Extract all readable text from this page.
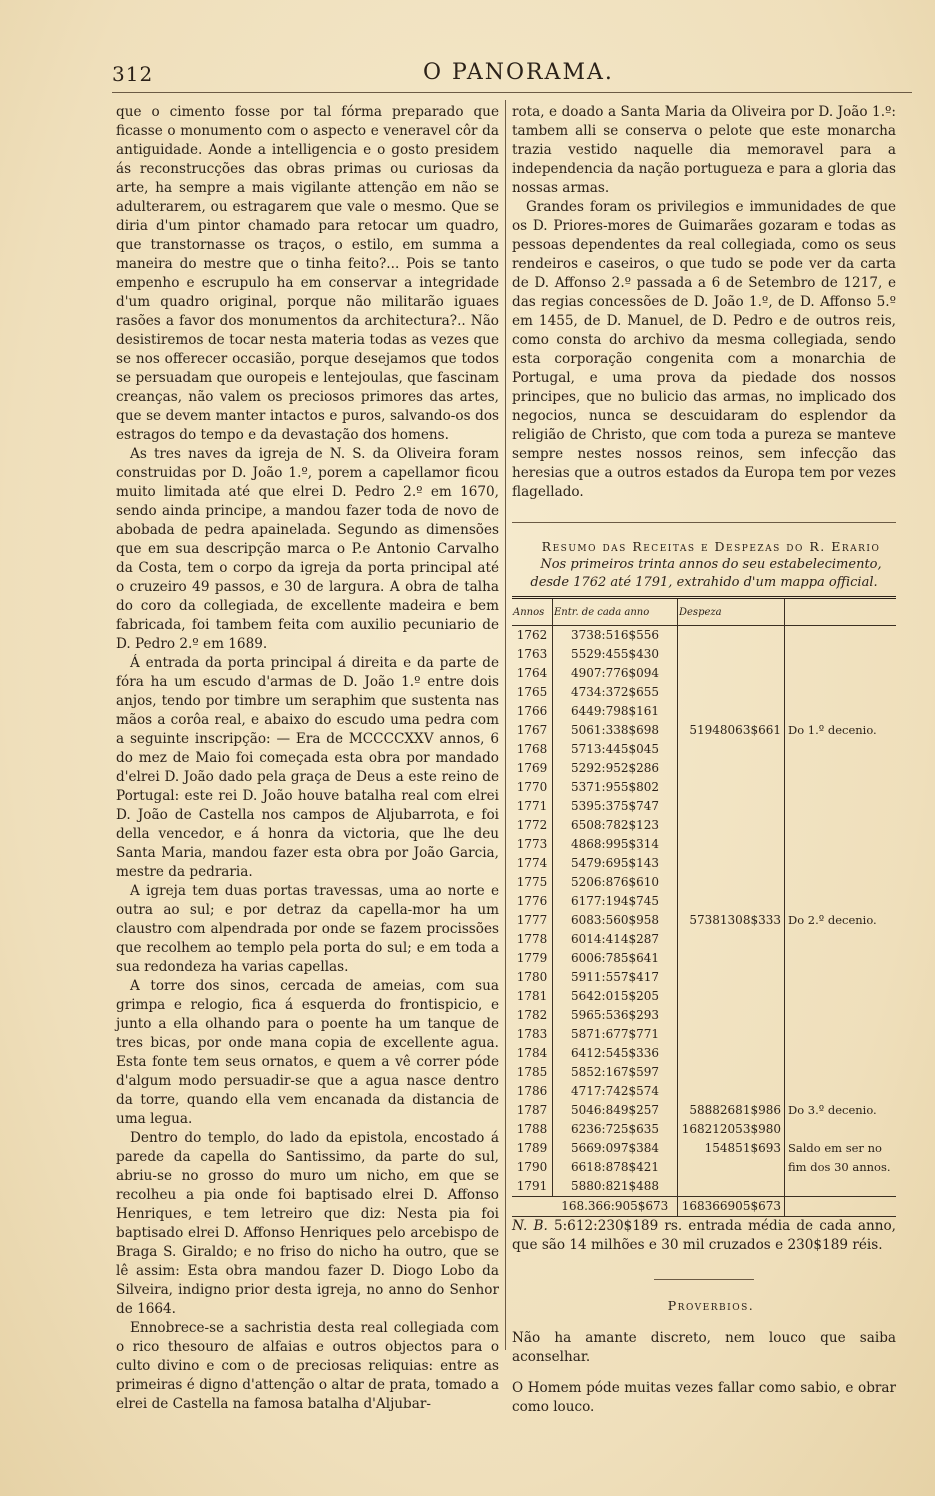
312	O PANORAMA.

que o cimento fosse por tal fórma preparado que ficasse o monumento com o aspecto e veneravel côr da antiguidade. Aonde a intelligencia e o gosto presidem ás reconstrucções das obras primas ou curiosas da arte, ha sempre a mais vigilante attenção em não se adulterarem, ou estragarem que vale o mesmo. Que se diria d'um pintor chamado para retocar um quadro, que transtornasse os traços, o estilo, em summa a maneira do mestre que o tinha feito?... Pois se tanto empenho e escrupulo ha em conservar a integridade d'um quadro original, porque não militarão iguaes rasões a favor dos monumentos da architectura?.. Não desistiremos de tocar nesta materia todas as vezes que se nos offerecer occasião, porque desejamos que todos se persuadam que ouropeis e lentejoulas, que fascinam creanças, não valem os preciosos primores das artes, que se devem manter intactos e puros, salvando-os dos estragos do tempo e da devastação dos homens.

As tres naves da igreja de N. S. da Oliveira foram construidas por D. João 1.º, porem a capellamor ficou muito limitada até que elrei D. Pedro 2.º em 1670, sendo ainda principe, a mandou fazer toda de novo de abobada de pedra apainelada. Segundo as dimensões que em sua descripção marca o P.e Antonio Carvalho da Costa, tem o corpo da igreja da porta principal até o cruzeiro 49 passos, e 30 de largura. A obra de talha do coro da collegiada, de excellente madeira e bem fabricada, foi tambem feita com auxilio pecuniario de D. Pedro 2.º em 1689.

Á entrada da porta principal á direita e da parte de fóra ha um escudo d'armas de D. João 1.º entre dois anjos, tendo por timbre um seraphim que sustenta nas mãos a corôa real, e abaixo do escudo uma pedra com a seguinte inscripção: — Era de MCCCCXXV annos, 6 do mez de Maio foi começada esta obra por mandado d'elrei D. João dado pela graça de Deus a este reino de Portugal: este rei D. João houve batalha real com elrei D. João de Castella nos campos de Aljubarrota, e foi della vencedor, e á honra da victoria, que lhe deu Santa Maria, mandou fazer esta obra por João Garcia, mestre da pedraria.

A igreja tem duas portas travessas, uma ao norte e outra ao sul; e por detraz da capella-mor ha um claustro com alpendrada por onde se fazem procissões que recolhem ao templo pela porta do sul; e em toda a sua redondeza ha varias capellas.

A torre dos sinos, cercada de ameias, com sua grimpa e relogio, fica á esquerda do frontispicio, e junto a ella olhando para o poente ha um tanque de tres bicas, por onde mana copia de excellente agua. Esta fonte tem seus ornatos, e quem a vê correr póde d'algum modo persuadir-se que a agua nasce dentro da torre, quando ella vem encanada da distancia de uma legua.

Dentro do templo, do lado da epistola, encostado á parede da capella do Santissimo, da parte do sul, abriu-se no grosso do muro um nicho, em que se recolheu a pia onde foi baptisado elrei D. Affonso Henriques, e tem letreiro que diz: Nesta pia foi baptisado elrei D. Affonso Henriques pelo arcebispo de Braga S. Giraldo; e no friso do nicho ha outro, que se lê assim: Esta obra mandou fazer D. Diogo Lobo da Silveira, indigno prior desta igreja, no anno do Senhor de 1664.

Ennobrece-se a sachristia desta real collegiada com o rico thesouro de alfaias e outros objectos para o culto divino e com o de preciosas reliquias: entre as primeiras é digno d'attenção o altar de prata, tomado a elrei de Castella na famosa batalha d'Aljubar-

rota, e doado a Santa Maria da Oliveira por D. João 1.º: tambem alli se conserva o pelote que este monarcha trazia vestido naquelle dia memoravel para a independencia da nação portugueza e para a gloria das nossas armas.

Grandes foram os privilegios e immunidades de que os D. Priores-mores de Guimarães gozaram e todas as pessoas dependentes da real collegiada, como os seus rendeiros e caseiros, o que tudo se pode ver da carta de D. Affonso 2.º passada a 6 de Setembro de 1217, e das regias concessões de D. João 1.º, de D. Affonso 5.º em 1455, de D. Manuel, de D. Pedro e de outros reis, como consta do archivo da mesma collegiada, sendo esta corporação congenita com a monarchia de Portugal, e uma prova da piedade dos nossos principes, que no bulicio das armas, no implicado dos negocios, nunca se descuidaram do esplendor da religião de Christo, que com toda a pureza se manteve sempre nestes nossos reinos, sem infecção das heresias que a outros estados da Europa tem por vezes flagellado.

Resumo das Receitas e Despezas do R. Erario

Nos primeiros trinta annos do seu estabelecimento, desde 1762 até 1791, extrahido d'um mappa official.

Annos	Entr. de cada anno	Despeza	
1762	3738:516$556		
1763	5529:455$430		
1764	4907:776$094		
1765	4734:372$655		
1766	6449:798$161		
1767	5061:338$698	51948063$661	Do 1.º decenio.
1768	5713:445$045		
1769	5292:952$286		
1770	5371:955$802		
1771	5395:375$747		
1772	6508:782$123		
1773	4868:995$314		
1774	5479:695$143		
1775	5206:876$610		
1776	6177:194$745		
1777	6083:560$958	57381308$333	Do 2.º decenio.
1778	6014:414$287		
1779	6006:785$641		
1780	5911:557$417		
1781	5642:015$205		
1782	5965:536$293		
1783	5871:677$771		
1784	6412:545$336		
1785	5852:167$597		
1786	4717:742$574		
1787	5046:849$257	58882681$986	Do 3.º decenio.
1788	6236:725$635	168212053$980	
1789	5669:097$384	154851$693	Saldo em ser no
1790	6618:878$421		fim dos 30 annos.
1791	5880:821$488		
	168.366:905$673	168366905$673	

N. B. 5:612:230$189 rs. entrada média de cada anno, que são 14 milhões e 30 mil cruzados e 230$189 réis.

Proverbios.

Não ha amante discreto, nem louco que saiba aconselhar.

O Homem póde muitas vezes fallar como sabio, e obrar como louco.
